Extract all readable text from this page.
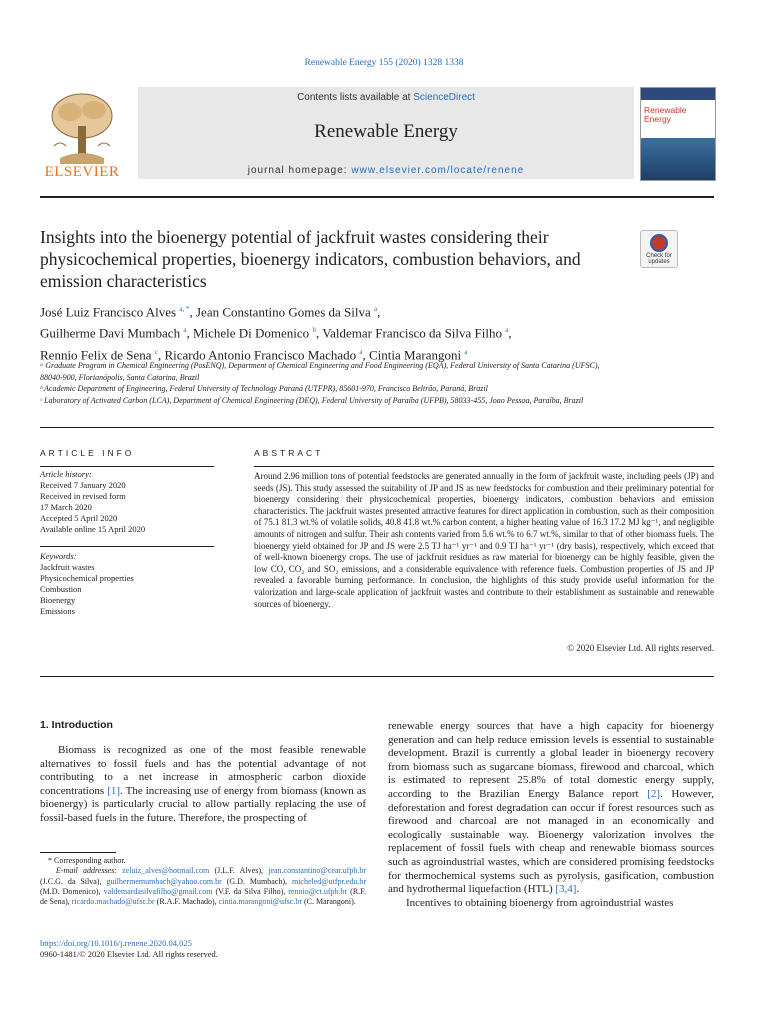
Renewable Energy 155 (2020) 1328 1338
ELSEVIER
Contents lists available at ScienceDirect
Renewable Energy
journal homepage: www.elsevier.com/locate/renene
Renewable Energy
Insights into the bioenergy potential of jackfruit wastes considering their physicochemical properties, bioenergy indicators, combustion behaviors, and emission characteristics
Check for updates
José Luiz Francisco Alves $^{a, *}$, Jean Constantino Gomes da Silva $^a$,
Guilherme Davi Mumbach $^a$, Michele Di Domenico $^b$, Valdemar Francisco da Silva Filho $^a$,
Rennio Felix de Sena $^c$, Ricardo Antonio Francisco Machado $^a$, Cintia Marangoni $^a$
ᵃ Graduate Program in Chemical Engineering (PosENQ), Department of Chemical Engineering and Food Engineering (EQA), Federal University of Santa Catarina (UFSC), 88040-900, Florianópolis, Santa Catarina, Brazil
ᵇ Academic Department of Engineering, Federal University of Technology Paraná (UTFPR), 85601-970, Francisco Beltrão, Paraná, Brazil
ᶜ Laboratory of Activated Carbon (LCA), Department of Chemical Engineering (DEQ), Federal University of Paraíba (UFPB), 58033-455, Joao Pessoa, Paraíba, Brazil
ARTICLE INFO
Article history:
Received 7 January 2020
Received in revised form
17 March 2020
Accepted 5 April 2020
Available online 15 April 2020
Keywords:
Jackfruit wastes
Physicochemical properties
Combustion
Bioenergy
Emissions
ABSTRACT
Around 2.96 million tons of potential feedstocks are generated annually in the form of jackfruit waste, including peels (JP) and seeds (JS). This study assessed the suitability of JP and JS as new feedstocks for combustion and their preliminary potential for bioenergy considering their physicochemical properties, bioenergy indicators, combustion behaviors and emission characteristics. The jackfruit wastes presented attractive features for direct application in combustion, such as their composition of 75.1 81.3 wt.% of volatile solids, 40.8 41.8 wt.% carbon content, a higher heating value of 16.3 17.2 MJ kg⁻¹, and negligible amounts of nitrogen and sulfur. Their ash contents varied from 5.6 wt.% to 6.7 wt.%, similar to that of other biomass fuels. The bioenergy yield obtained for JP and JS were 2.5 TJ ha⁻¹ yr⁻¹ and 0.9 TJ ha⁻¹ yr⁻¹ (dry basis), respectively, which exceed that of well-known bioenergy crops. The use of jackfruit residues as raw material for bioenergy can be highly feasible, given the low CO, CO₂ and SO₂ emissions, and a considerable equivalence with reference fuels. Combustion properties of JS and JP revealed a favorable burning performance. In conclusion, the highlights of this study provide useful information for the valorization and large-scale application of jackfruit wastes and contribute to their establishment as sustainable and renewable sources of bioenergy.
© 2020 Elsevier Ltd. All rights reserved.
1. Introduction
Biomass is recognized as one of the most feasible renewable alternatives to fossil fuels and has the potential advantage of not contributing to a net increase in atmospheric carbon dioxide concentrations [1]. The increasing use of energy from biomass (known as bioenergy) is particularly crucial to allow partially replacing the use of fossil-based fuels in the future. Therefore, the prospecting of
renewable energy sources that have a high capacity for bioenergy generation and can help reduce emission levels is essential to sustainable development. Brazil is currently a global leader in bioenergy recovery from biomass such as sugarcane biomass, firewood and charcoal, which is estimated to represent 25.8% of total domestic energy supply, according to the Brazilian Energy Balance report [2]. However, deforestation and forest degradation can occur if forest resources such as firewood and charcoal are not managed in an economically and ecologically sustainable way. Bioenergy valorization involves the replacement of fossil fuels with cheap and renewable biomass sources such as agroindustrial wastes, which are considered promising feedstocks for thermochemical systems such as pyrolysis, gasification, combustion and hydrothermal liquefaction (HTL) [3,4].
Incentives to obtaining bioenergy from agroindustrial wastes
* Corresponding author.
E-mail addresses: zeluiz_alves@hotmail.com (J.L.F. Alves), jean.constantino@cear.ufpb.br (J.C.G. da Silva), guilhermemumbach@yahoo.com.br (G.D. Mumbach), micheled@utfpr.edu.br (M.D. Domenico), valdemardasilvafilho@gmail.com (V.F. da Silva Filho), rennio@ct.ufpb.br (R.F. de Sena), ricardo.machado@ufsc.br (R.A.F. Machado), cintia.marangoni@ufsc.br (C. Marangoni).
https://doi.org/10.1016/j.renene.2020.04.025
0960-1481/© 2020 Elsevier Ltd. All rights reserved.
